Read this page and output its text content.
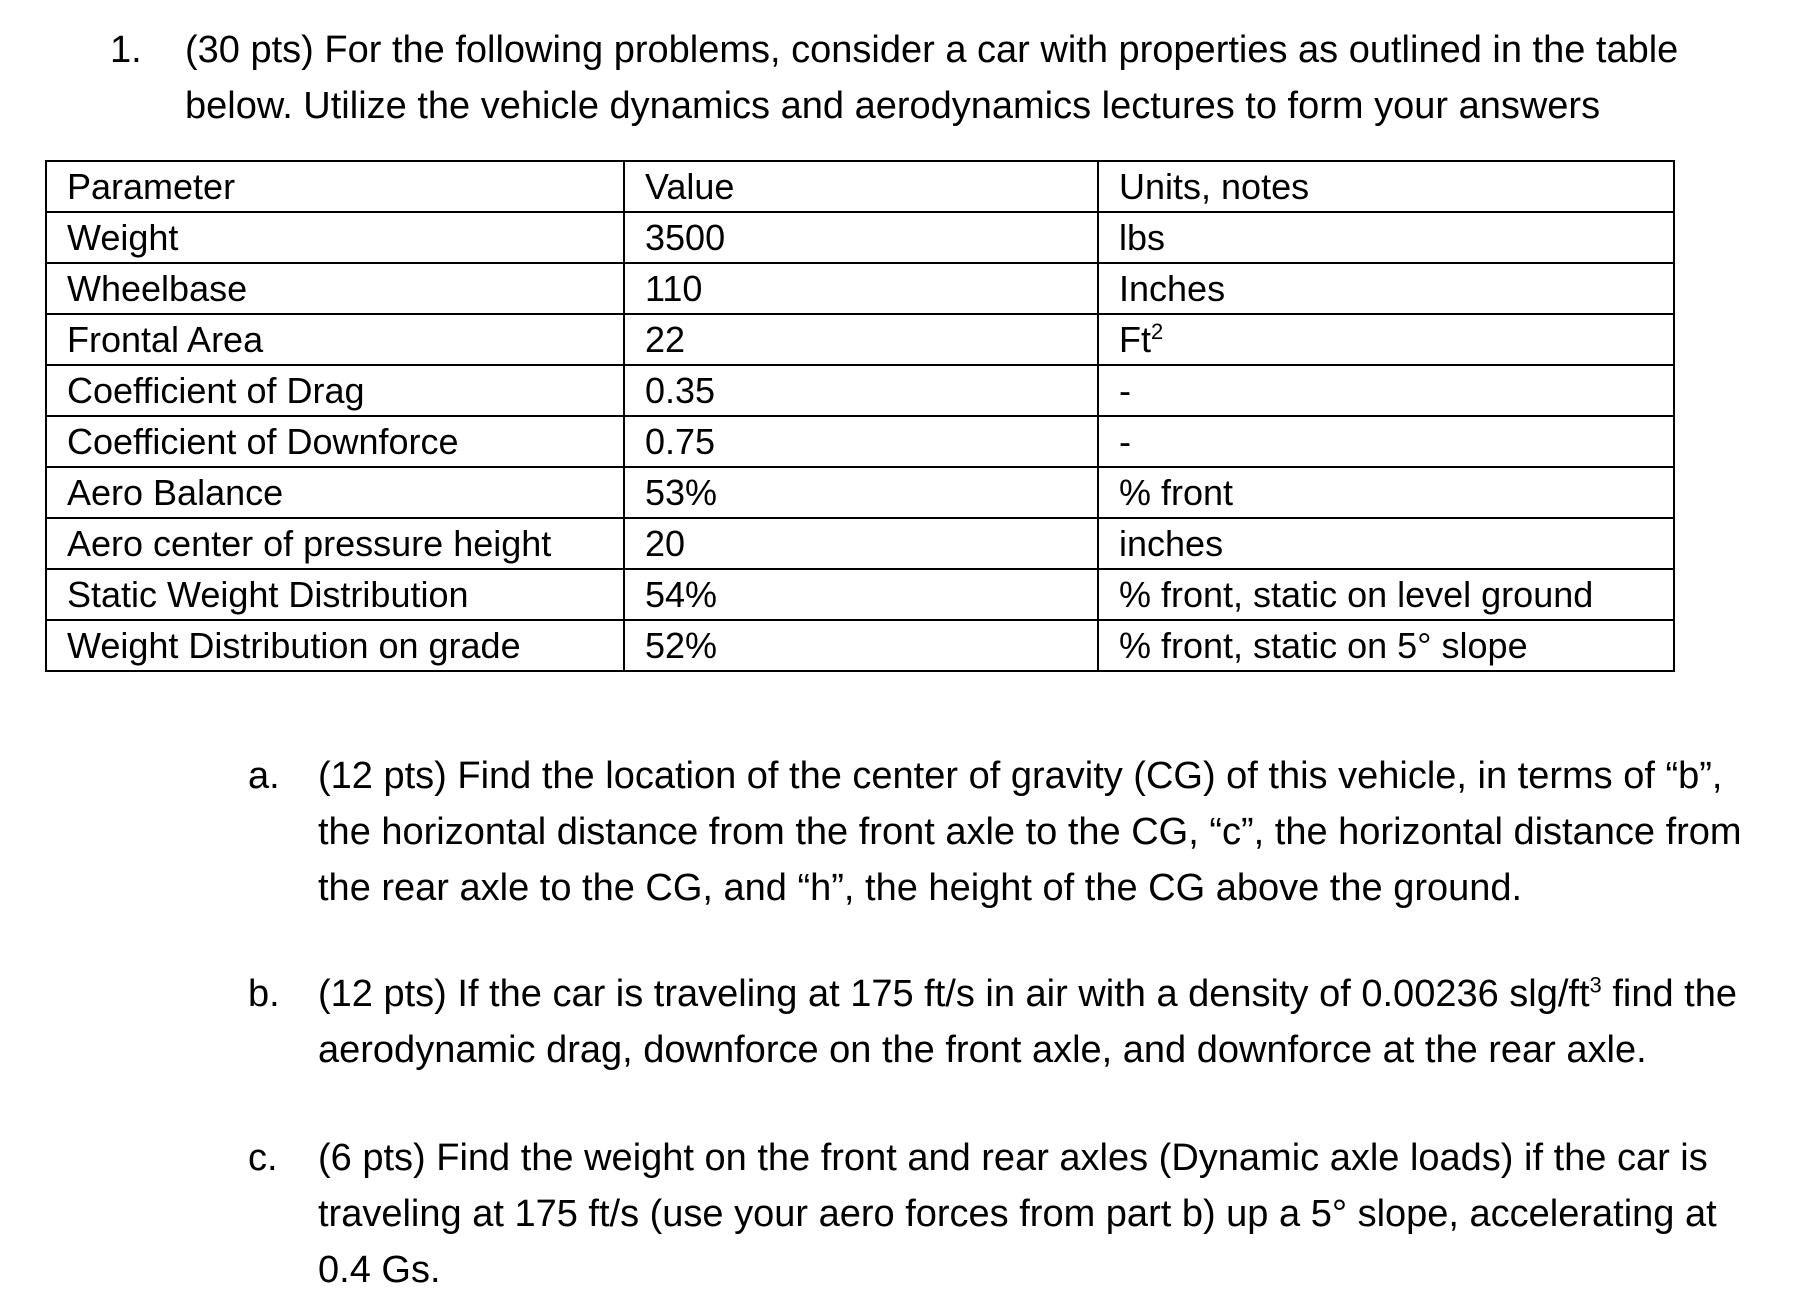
1. (30 pts) For the following problems, consider a car with properties as outlined in the table below. Utilize the vehicle dynamics and aerodynamics lectures to form your answers
Parameter	Value	Units, notes
Weight	3500	lbs
Wheelbase	110	Inches
Frontal Area	22	Ft$^2$
Coefficient of Drag	0.35	-
Coefficient of Downforce	0.75	-
Aero Balance	53%	% front
Aero center of pressure height	20	inches
Static Weight Distribution	54%	% front, static on level ground
Weight Distribution on grade	52%	% front, static on 5° slope
a. (12 pts) Find the location of the center of gravity (CG) of this vehicle, in terms of “b”, the horizontal distance from the front axle to the CG, “c”, the horizontal distance from the rear axle to the CG, and “h”, the height of the CG above the ground.
b. (12 pts) If the car is traveling at 175 ft/s in air with a density of 0.00236 slg/$ft^3$ find the aerodynamic drag, downforce on the front axle, and downforce at the rear axle.
c. (6 pts) Find the weight on the front and rear axles (Dynamic axle loads) if the car is traveling at 175 ft/s (use your aero forces from part b) up a 5° slope, accelerating at 0.4 Gs.
